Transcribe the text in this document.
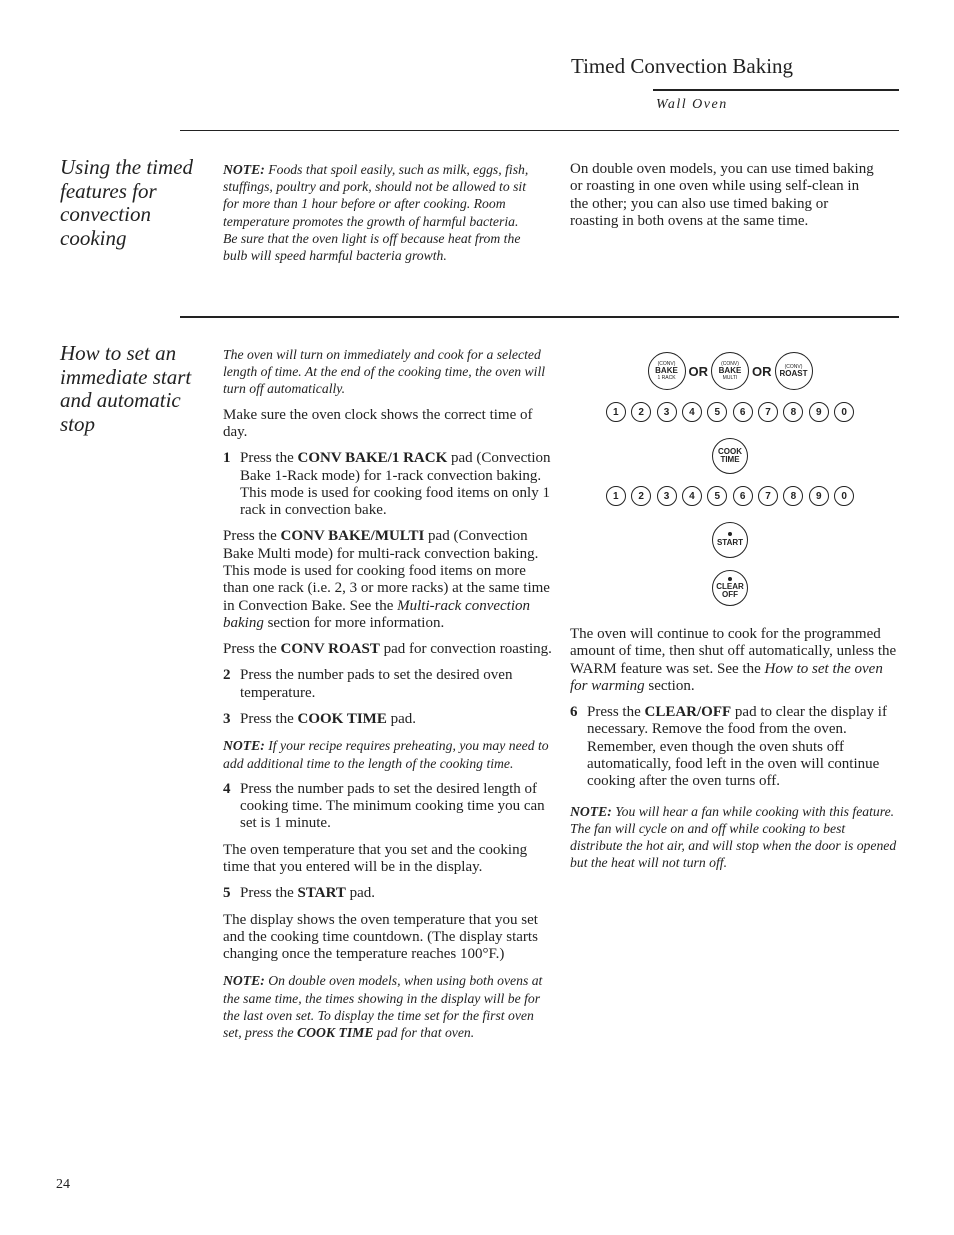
Timed Convection Baking
Wall Oven
Using the timed features for convection cooking
NOTE: Foods that spoil easily, such as milk, eggs, fish, stuffings, poultry and pork, should not be allowed to sit for more than 1 hour before or after cooking. Room temperature promotes the growth of harmful bacteria. Be sure that the oven light is off because heat from the bulb will speed harmful bacteria growth.
On double oven models, you can use timed baking or roasting in one oven while using self-clean in the other; you can also use timed baking or roasting in both ovens at the same time.
How to set an immediate start and automatic stop

The oven will turn on immediately and cook for a selected length of time. At the end of the cooking time, the oven will turn off automatically.

Make sure the oven clock shows the correct time of day.

1 Press the CONV BAKE/1 RACK pad (Convection Bake 1-Rack mode) for 1-rack convection baking. This mode is used for cooking food items on only 1 rack in convection bake.

Press the CONV BAKE/MULTI pad (Convection Bake Multi mode) for multi-rack convection baking. This mode is used for cooking food items on more than one rack (i.e. 2, 3 or more racks) at the same time in Convection Bake. See the Multi-rack convection baking section for more information.

Press the CONV ROAST pad for convection roasting.

2 Press the number pads to set the desired oven temperature.
3 Press the COOK TIME pad.

NOTE: If your recipe requires preheating, you may need to add additional time to the length of the cooking time.

4 Press the number pads to set the desired length of cooking time. The minimum cooking time you can set is 1 minute.

The oven temperature that you set and the cooking time that you entered will be in the display.

5 Press the START pad.

The display shows the oven temperature that you set and the cooking time countdown. (The display starts changing once the temperature reaches 100°F.)

NOTE: On double oven models, when using both ovens at the same time, the times showing in the display will be for the last oven set. To display the time set for the first oven set, press the COOK TIME pad for that oven.

(CONV)
BAKE
1 RACK OR	(CONV)
BAKE
MULTI OR	(CONV)
ROAST
1	2	3	4	5	6	7	8	9	0
COOK
TIME
1	2	3	4	5	6	7	8	9	0
START
CLEAR
OFF

The oven will continue to cook for the programmed amount of time, then shut off automatically, unless the WARM feature was set. See the How to set the oven for warming section.

6 Press the CLEAR/OFF pad to clear the display if necessary. Remove the food from the oven. Remember, even though the oven shuts off automatically, food left in the oven will continue cooking after the oven turns off.

NOTE: You will hear a fan while cooking with this feature. The fan will cycle on and off while cooking to best distribute the hot air, and will stop when the door is opened but the heat will not turn off.

24
